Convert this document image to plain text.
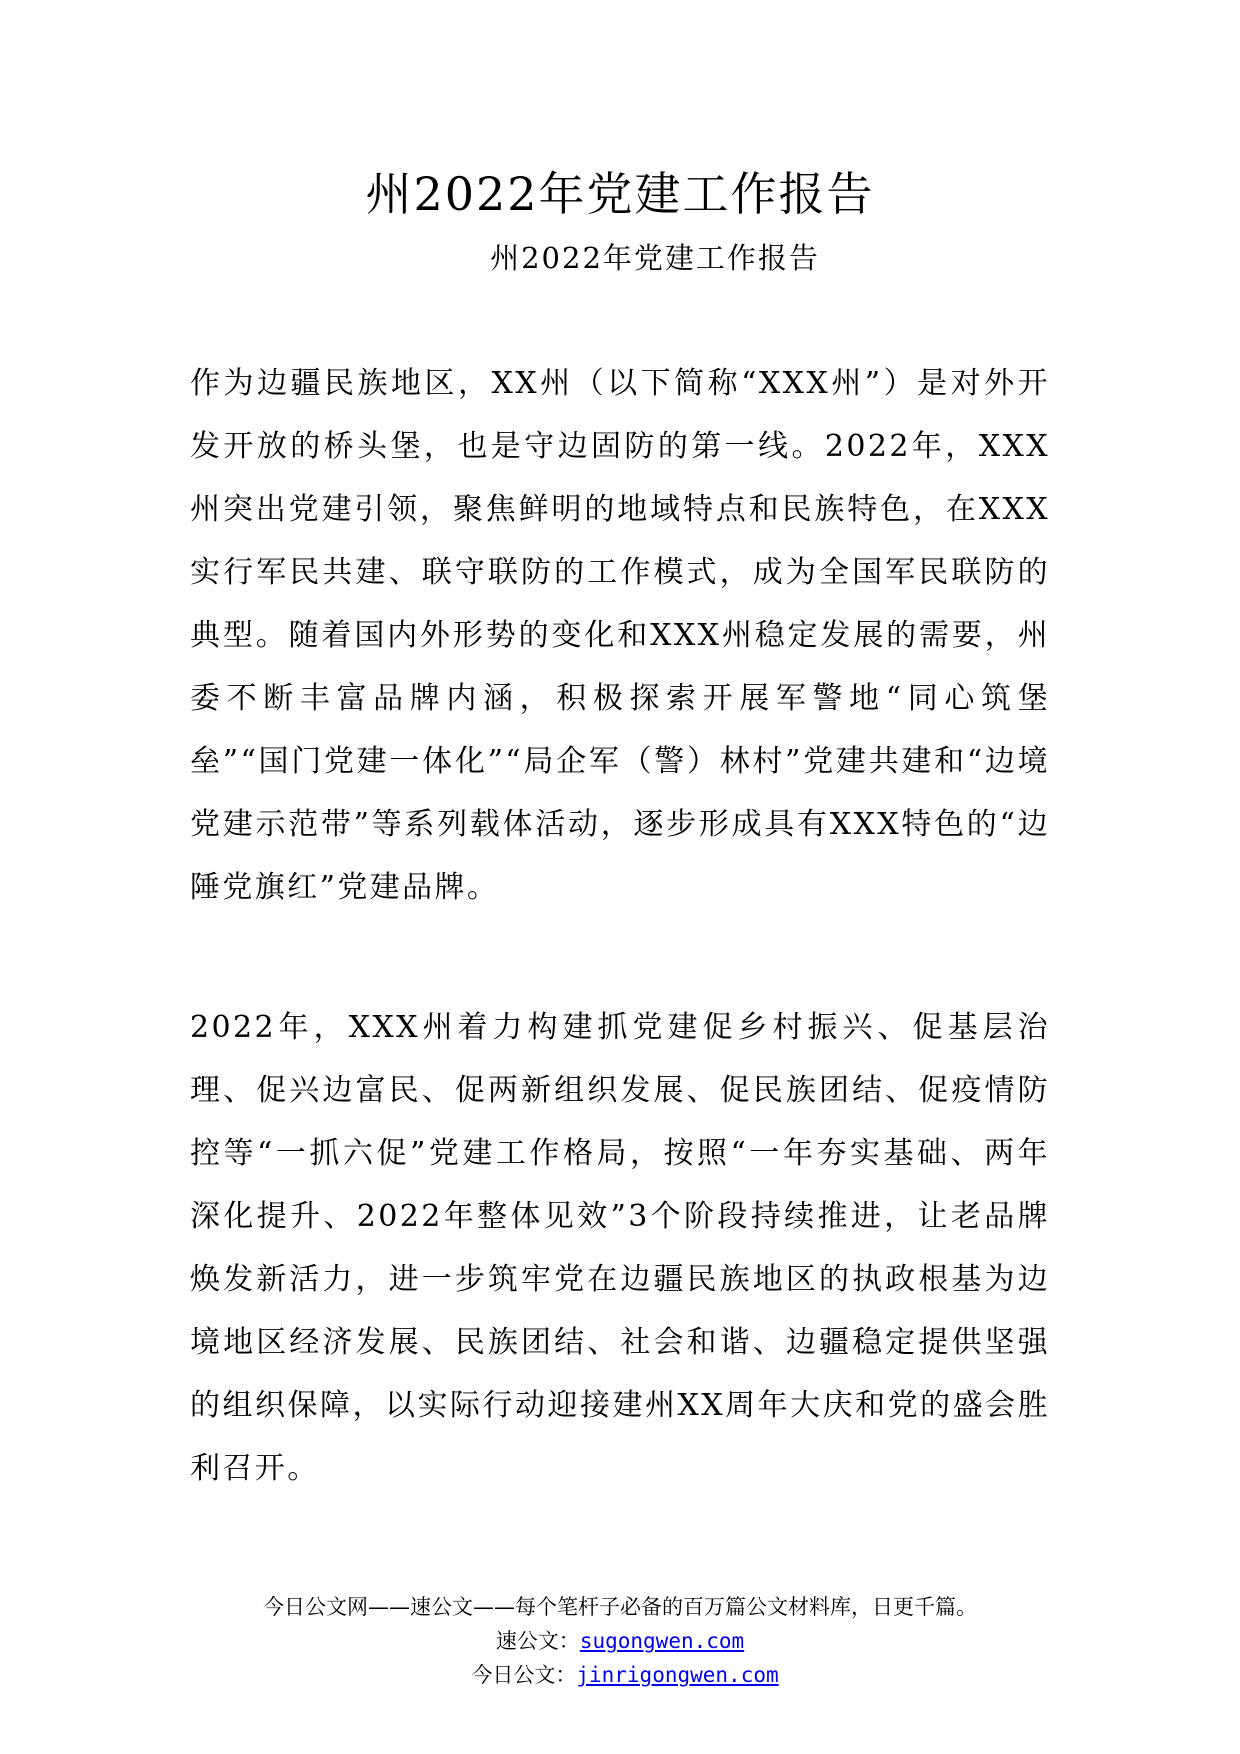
州2022年党建工作报告
州2022年党建工作报告

作为边疆民族地区，XX州（以下简称“XXX州”）是对外开发开放的桥头堡，也是守边固防的第一线。2022年，XXX州突出党建引领，聚焦鲜明的地域特点和民族特色，在XXX实行军民共建、联守联防的工作模式，成为全国军民联防的典型。随着国内外形势的变化和XXX州稳定发展的需要，州委不断丰富品牌内涵，积极探索开展军警地“同心筑堡垒”“国门党建一体化”“局企军（警）林村”党建共建和“边境党建示范带”等系列载体活动，逐步形成具有XXX特色的“边陲党旗红”党建品牌。

2022年，XXX州着力构建抓党建促乡村振兴、促基层治理、促兴边富民、促两新组织发展、促民族团结、促疫情防控等“一抓六促”党建工作格局，按照“一年夯实基础、两年深化提升、2022年整体见效”3个阶段持续推进，让老品牌焕发新活力，进一步筑牢党在边疆民族地区的执政根基为边境地区经济发展、民族团结、社会和谐、边疆稳定提供坚强的组织保障，以实际行动迎接建州XX周年大庆和党的盛会胜利召开。

今日公文网——速公文——每个笔杆子必备的百万篇公文材料库，日更千篇。
速公文：sugongwen.com
今日公文：jinrigongwen.com
